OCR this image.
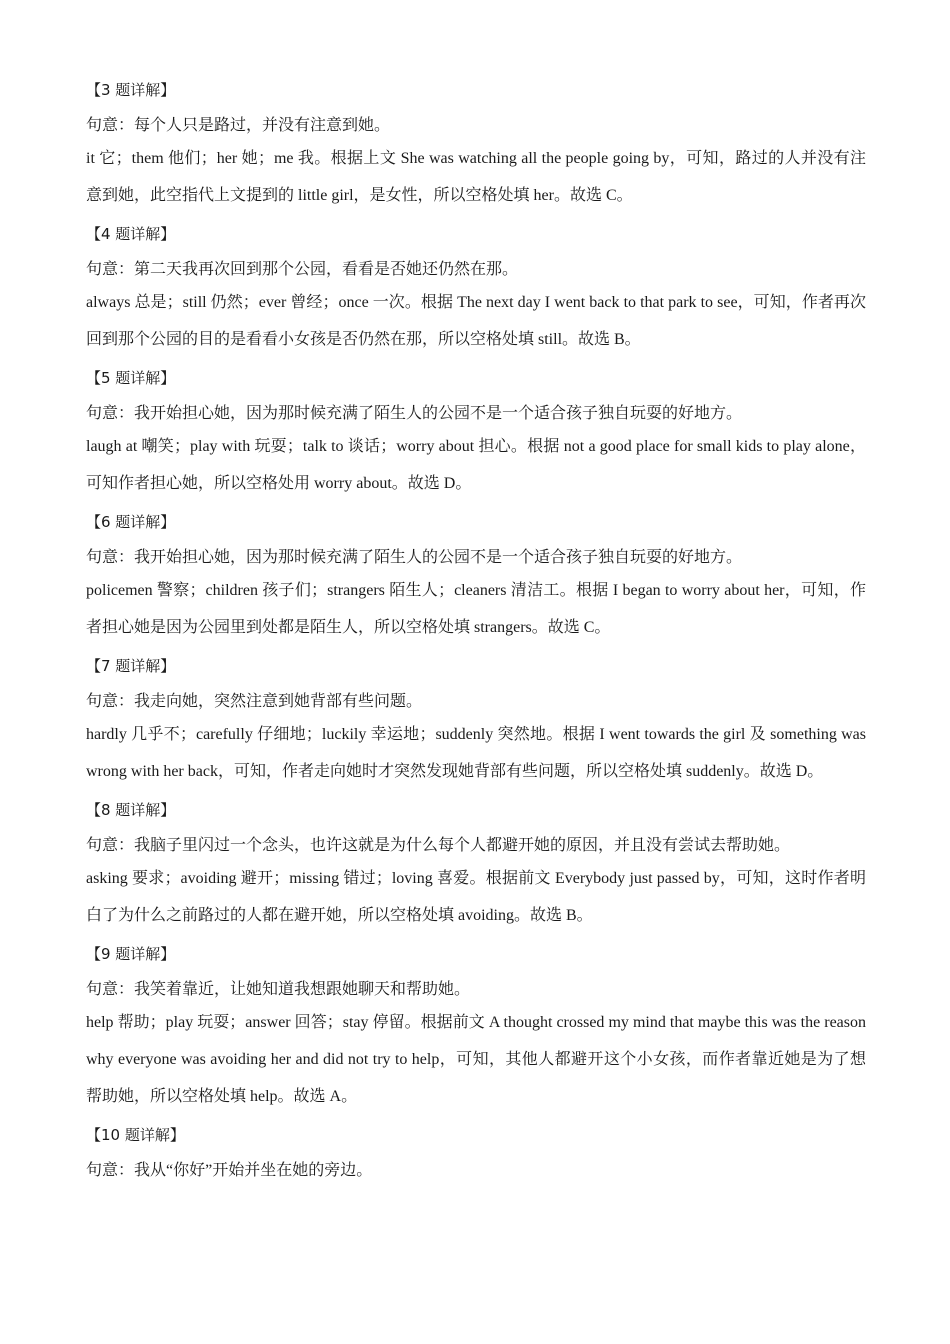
【3 题详解】
句意：每个人只是路过，并没有注意到她。
it 它；them 他们；her 她；me 我。根据上文 She was watching all the people going by，可知，路过的人并没有注意到她，此空指代上文提到的 little girl，是女性，所以空格处填 her。故选 C。
【4 题详解】
句意：第二天我再次回到那个公园，看看是否她还仍然在那。
always 总是；still 仍然；ever 曾经；once 一次。根据 The next day I went back to that park to see，可知，作者再次回到那个公园的目的是看看小女孩是否仍然在那，所以空格处填 still。故选 B。
【5 题详解】
句意：我开始担心她，因为那时候充满了陌生人的公园不是一个适合孩子独自玩耍的好地方。
laugh at 嘲笑；play with 玩耍；talk to 谈话；worry about 担心。根据 not a good place for small kids to play alone，可知作者担心她，所以空格处用 worry about。故选 D。
【6 题详解】
句意：我开始担心她，因为那时候充满了陌生人的公园不是一个适合孩子独自玩耍的好地方。
policemen 警察；children 孩子们；strangers 陌生人；cleaners 清洁工。根据 I began to worry about her，可知，作者担心她是因为公园里到处都是陌生人，所以空格处填 strangers。故选 C。
【7 题详解】
句意：我走向她，突然注意到她背部有些问题。
hardly 几乎不；carefully 仔细地；luckily 幸运地；suddenly 突然地。根据 I went towards the girl 及 something was wrong with her back，可知，作者走向她时才突然发现她背部有些问题，所以空格处填 suddenly。故选 D。
【8 题详解】
句意：我脑子里闪过一个念头，也许这就是为什么每个人都避开她的原因，并且没有尝试去帮助她。
asking 要求；avoiding 避开；missing 错过；loving 喜爱。根据前文 Everybody just passed by，可知，这时作者明白了为什么之前路过的人都在避开她，所以空格处填 avoiding。故选 B。
【9 题详解】
句意：我笑着靠近，让她知道我想跟她聊天和帮助她。
help 帮助；play 玩耍；answer 回答；stay 停留。根据前文 A thought crossed my mind that maybe this was the reason why everyone was avoiding her and did not try to help，可知，其他人都避开这个小女孩，而作者靠近她是为了想帮助她，所以空格处填 help。故选 A。
【10 题详解】
句意：我从“你好”开始并坐在她的旁边。
